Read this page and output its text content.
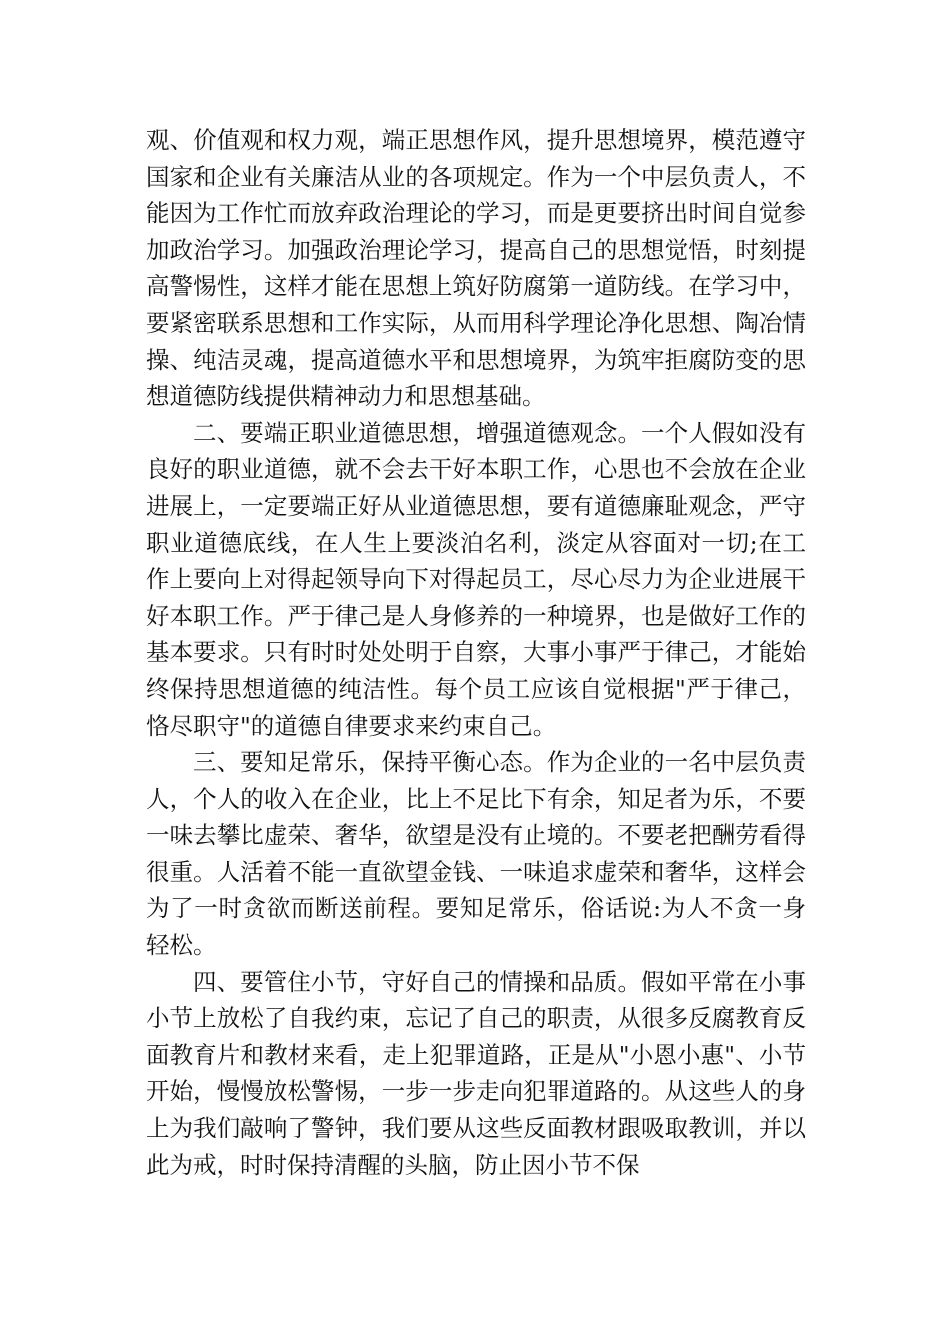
观、价值观和权力观，端正思想作风，提升思想境界，模范遵守国家和企业有关廉洁从业的各项规定。作为一个中层负责人，不能因为工作忙而放弃政治理论的学习，而是更要挤出时间自觉参加政治学习。加强政治理论学习，提高自己的思想觉悟，时刻提高警惕性，这样才能在思想上筑好防腐第一道防线。在学习中，要紧密联系思想和工作实际，从而用科学理论净化思想、陶冶情操、纯洁灵魂，提高道德水平和思想境界，为筑牢拒腐防变的思想道德防线提供精神动力和思想基础。

二、要端正职业道德思想，增强道德观念。一个人假如没有良好的职业道德，就不会去干好本职工作，心思也不会放在企业进展上，一定要端正好从业道德思想，要有道德廉耻观念，严守职业道德底线，在人生上要淡泊名利，淡定从容面对一切;在工作上要向上对得起领导向下对得起员工，尽心尽力为企业进展干好本职工作。严于律己是人身修养的一种境界，也是做好工作的基本要求。只有时时处处明于自察，大事小事严于律己，才能始终保持思想道德的纯洁性。每个员工应该自觉根据"严于律己，恪尽职守"的道德自律要求来约束自己。

三、要知足常乐，保持平衡心态。作为企业的一名中层负责人，个人的收入在企业，比上不足比下有余，知足者为乐，不要一味去攀比虚荣、奢华，欲望是没有止境的。不要老把酬劳看得很重。人活着不能一直欲望金钱、一味追求虚荣和奢华，这样会为了一时贪欲而断送前程。要知足常乐，俗话说:为人不贪一身轻松。

四、要管住小节，守好自己的情操和品质。假如平常在小事小节上放松了自我约束，忘记了自己的职责，从很多反腐教育反面教育片和教材来看，走上犯罪道路，正是从"小恩小惠"、小节开始，慢慢放松警惕，一步一步走向犯罪道路的。从这些人的身上为我们敲响了警钟，我们要从这些反面教材跟吸取教训，并以此为戒，时时保持清醒的头脑，防止因小节不保
